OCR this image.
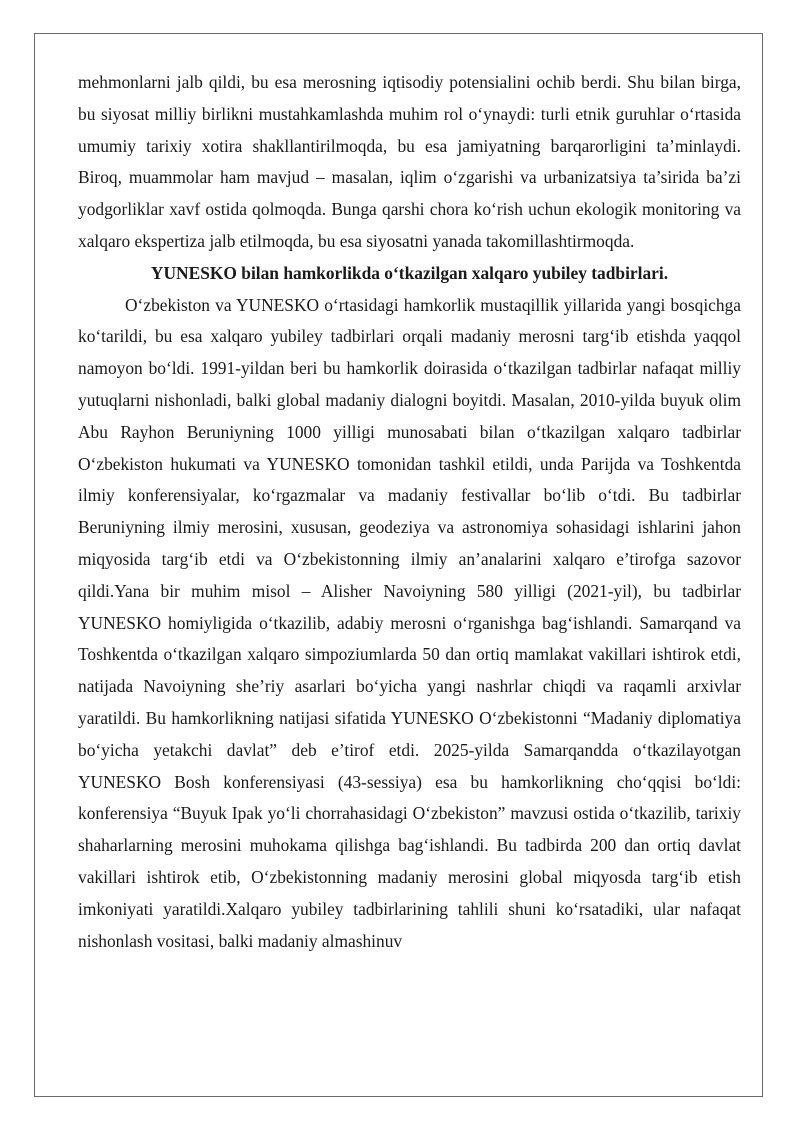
mehmonlarni jalb qildi, bu esa merosning iqtisodiy potensialini ochib berdi. Shu bilan birga, bu siyosat milliy birlikni mustahkamlashda muhim rol o‘ynaydi: turli etnik guruhlar o‘rtasida umumiy tarixiy xotira shakllantirilmoqda, bu esa jamiyatning barqarorligini ta’minlaydi. Biroq, muammolar ham mavjud – masalan, iqlim o‘zgarishi va urbanizatsiya ta’sirida ba’zi yodgorliklar xavf ostida qolmoqda. Bunga qarshi chora ko‘rish uchun ekologik monitoring va xalqaro ekspertiza jalb etilmoqda, bu esa siyosatni yanada takomillashtirmoqda.

YUNESKO bilan hamkorlikda o‘tkazilgan xalqaro yubiley tadbirlari.

O‘zbekiston va YUNESKO o‘rtasidagi hamkorlik mustaqillik yillarida yangi bosqichga ko‘tarildi, bu esa xalqaro yubiley tadbirlari orqali madaniy merosni targ‘ib etishda yaqqol namoyon bo‘ldi. 1991-yildan beri bu hamkorlik doirasida o‘tkazilgan tadbirlar nafaqat milliy yutuqlarni nishonladi, balki global madaniy dialogni boyitdi. Masalan, 2010-yilda buyuk olim Abu Rayhon Beruniyning 1000 yilligi munosabati bilan o‘tkazilgan xalqaro tadbirlar O‘zbekiston hukumati va YUNESKO tomonidan tashkil etildi, unda Parijda va Toshkentda ilmiy konferensiyalar, ko‘rgazmalar va madaniy festivallar bo‘lib o‘tdi. Bu tadbirlar Beruniyning ilmiy merosini, xususan, geodeziya va astronomiya sohasidagi ishlarini jahon miqyosida targ‘ib etdi va O‘zbekistonning ilmiy an’analarini xalqaro e’tirofga sazovor qildi.Yana bir muhim misol – Alisher Navoiyning 580 yilligi (2021-yil), bu tadbirlar YUNESKO homiyligida o‘tkazilib, adabiy merosni o‘rganishga bag‘ishlandi. Samarqand va Toshkentda o‘tkazilgan xalqaro simpoziumlarda 50 dan ortiq mamlakat vakillari ishtirok etdi, natijada Navoiyning she’riy asarlari bo‘yicha yangi nashrlar chiqdi va raqamli arxivlar yaratildi. Bu hamkorlikning natijasi sifatida YUNESKO O‘zbekistonni “Madaniy diplomatiya bo‘yicha yetakchi davlat” deb e’tirof etdi. 2025-yilda Samarqandda o‘tkazilayotgan YUNESKO Bosh konferensiyasi (43-sessiya) esa bu hamkorlikning cho‘qqisi bo‘ldi: konferensiya “Buyuk Ipak yo‘li chorrahasidagi O‘zbekiston” mavzusi ostida o‘tkazilib, tarixiy shaharlarning merosini muhokama qilishga bag‘ishlandi. Bu tadbirda 200 dan ortiq davlat vakillari ishtirok etib, O‘zbekistonning madaniy merosini global miqyosda targ‘ib etish imkoniyati yaratildi.Xalqaro yubiley tadbirlarining tahlili shuni ko‘rsatadiki, ular nafaqat nishonlash vositasi, balki madaniy almashinuv
